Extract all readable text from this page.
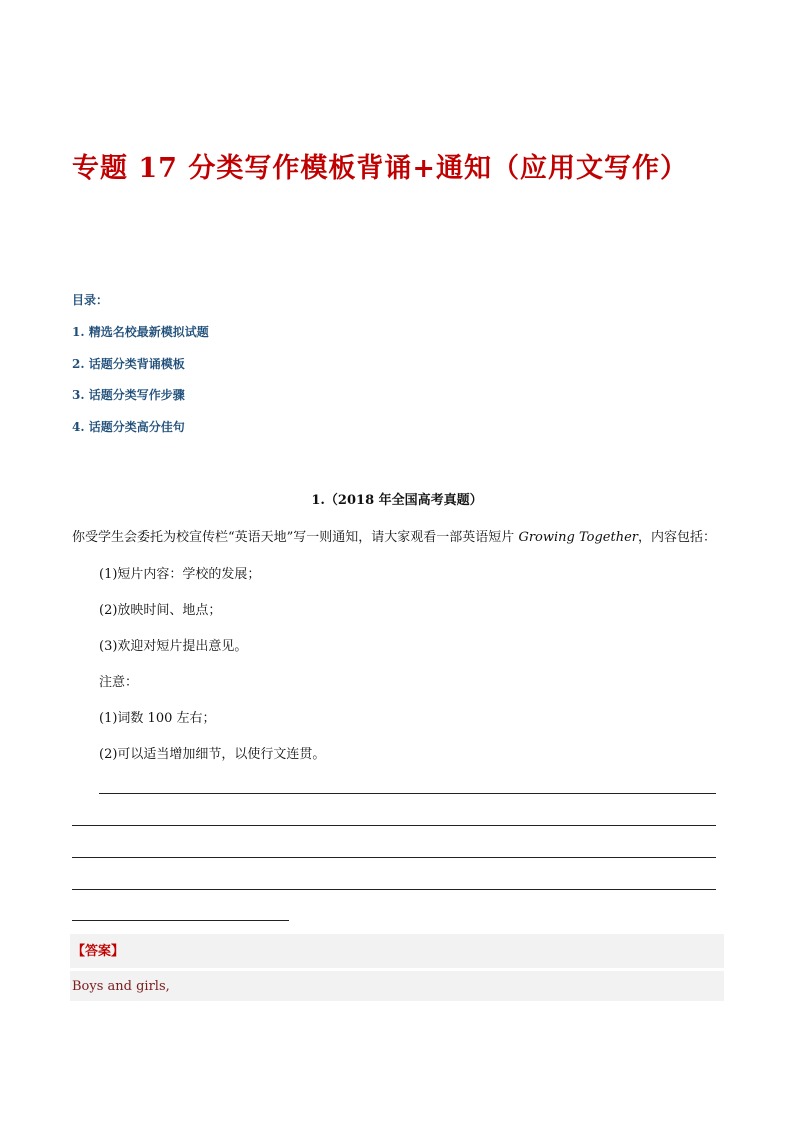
专题 17 分类写作模板背诵+通知（应用文写作）
目录：
1. 精选名校最新模拟试题
2. 话题分类背诵模板
3. 话题分类写作步骤
4. 话题分类高分佳句
1.（2018 年全国高考真题）
你受学生会委托为校宣传栏“英语天地”写一则通知，请大家观看一部英语短片 Growing Together，内容包括：
(1)短片内容：学校的发展；
(2)放映时间、地点；
(3)欢迎对短片提出意见。
注意：
(1)词数 100 左右；
(2)可以适当增加细节，以使行文连贯。
【答案】
Boys and girls,
